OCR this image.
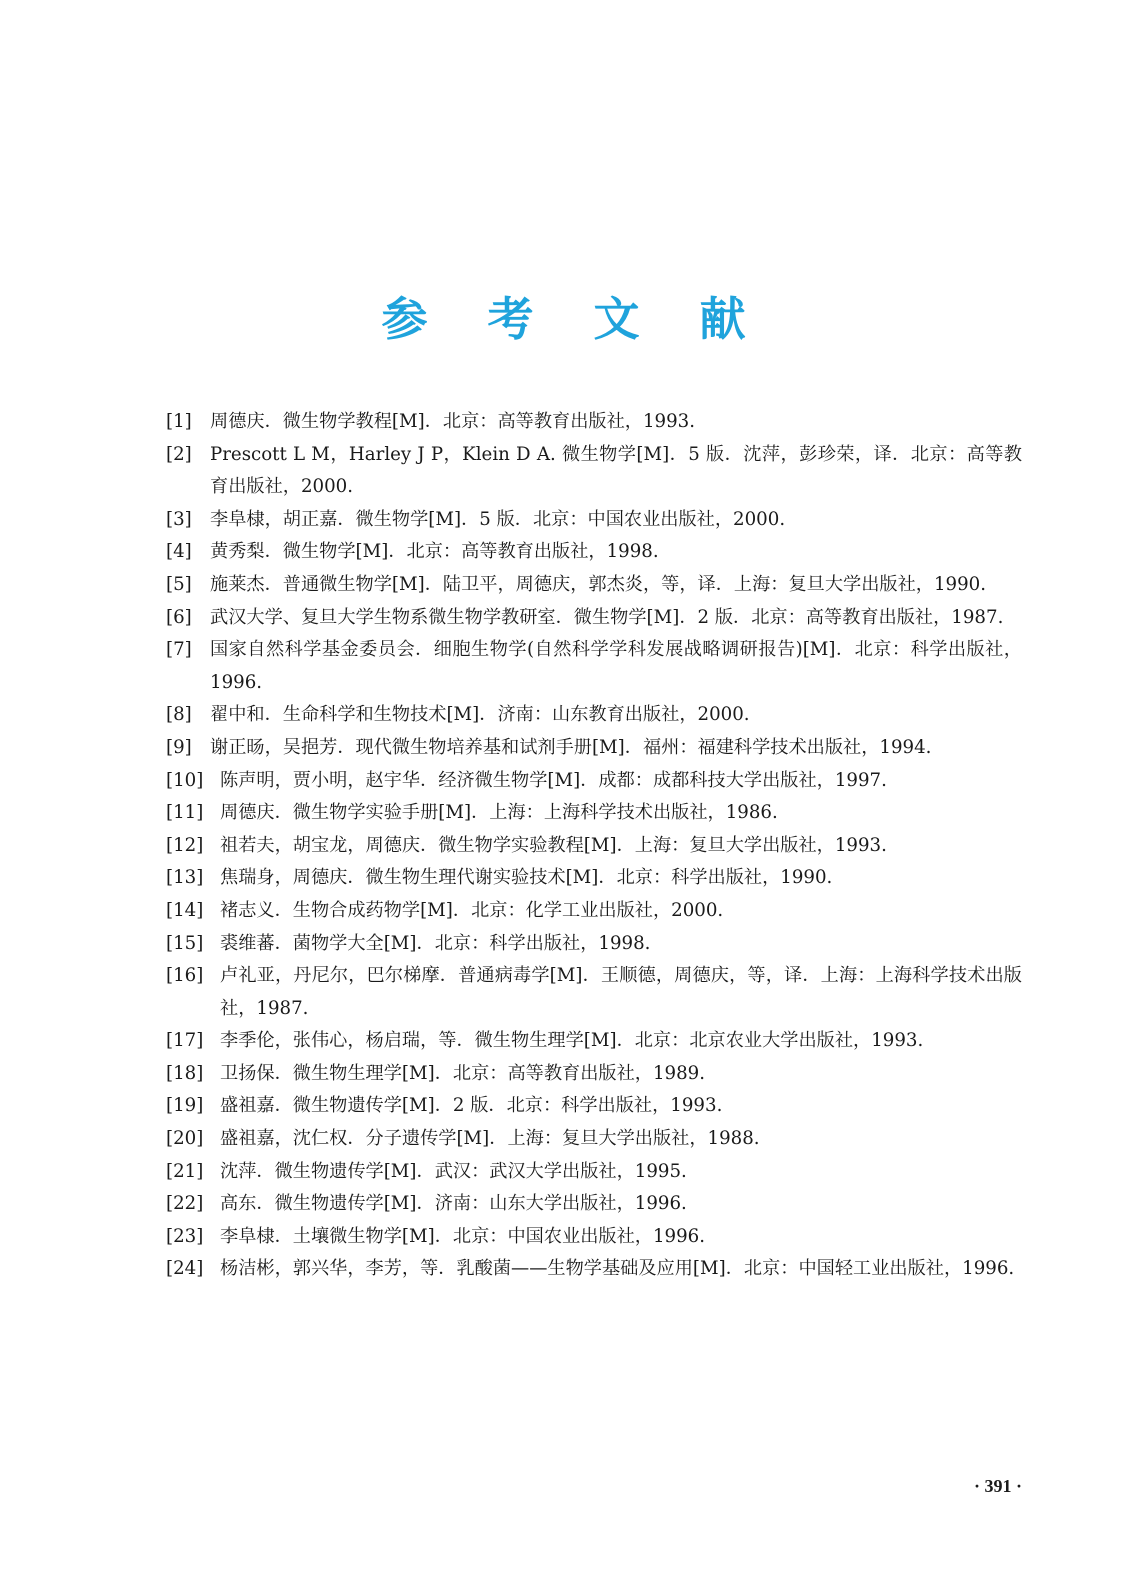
参 考 文 献
[1] 周德庆．微生物学教程[M]．北京：高等教育出版社，1993.
[2] Prescott L M，Harley J P，Klein D A. 微生物学[M]．5 版．沈萍，彭珍荣，译．北京：高等教育出版社，2000.
[3] 李阜棣，胡正嘉．微生物学[M]．5 版．北京：中国农业出版社，2000.
[4] 黄秀梨．微生物学[M]．北京：高等教育出版社，1998.
[5] 施莱杰．普通微生物学[M]．陆卫平，周德庆，郭杰炎，等，译．上海：复旦大学出版社，1990.
[6] 武汉大学、复旦大学生物系微生物学教研室．微生物学[M]．2 版．北京：高等教育出版社，1987.
[7] 国家自然科学基金委员会．细胞生物学(自然科学学科发展战略调研报告)[M]．北京：科学出版社，1996.
[8] 翟中和．生命科学和生物技术[M]．济南：山东教育出版社，2000.
[9] 谢正旸，吴挹芳．现代微生物培养基和试剂手册[M]．福州：福建科学技术出版社，1994.
[10] 陈声明，贾小明，赵宇华．经济微生物学[M]．成都：成都科技大学出版社，1997.
[11] 周德庆．微生物学实验手册[M]．上海：上海科学技术出版社，1986.
[12] 祖若夫，胡宝龙，周德庆．微生物学实验教程[M]．上海：复旦大学出版社，1993.
[13] 焦瑞身，周德庆．微生物生理代谢实验技术[M]．北京：科学出版社，1990.
[14] 褚志义．生物合成药物学[M]．北京：化学工业出版社，2000.
[15] 裘维蕃．菌物学大全[M]．北京：科学出版社，1998.
[16] 卢礼亚，丹尼尔，巴尔梯摩．普通病毒学[M]．王顺德，周德庆，等，译．上海：上海科学技术出版社，1987.
[17] 李季伦，张伟心，杨启瑞，等．微生物生理学[M]．北京：北京农业大学出版社，1993.
[18] 卫扬保．微生物生理学[M]．北京：高等教育出版社，1989.
[19] 盛祖嘉．微生物遗传学[M]．2 版．北京：科学出版社，1993.
[20] 盛祖嘉，沈仁权．分子遗传学[M]．上海：复旦大学出版社，1988.
[21] 沈萍．微生物遗传学[M]．武汉：武汉大学出版社，1995.
[22] 高东．微生物遗传学[M]．济南：山东大学出版社，1996.
[23] 李阜棣．土壤微生物学[M]．北京：中国农业出版社，1996.
[24] 杨洁彬，郭兴华，李芳，等．乳酸菌——生物学基础及应用[M]．北京：中国轻工业出版社，1996.
· 391 ·
